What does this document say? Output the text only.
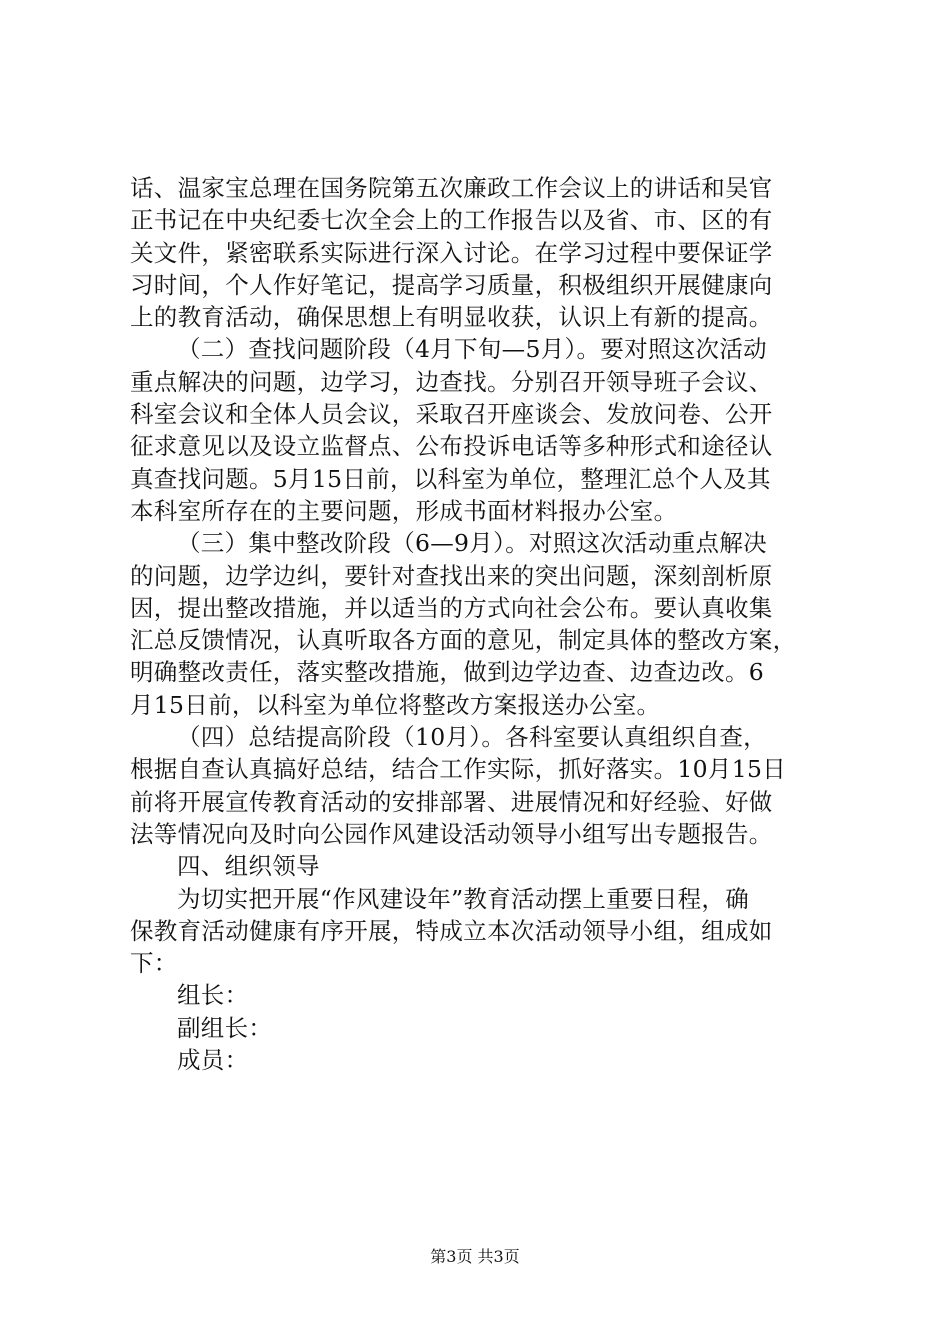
话、温家宝总理在国务院第五次廉政工作会议上的讲话和吴官
正书记在中央纪委七次全会上的工作报告以及省、市、区的有
关文件，紧密联系实际进行深入讨论。在学习过程中要保证学
习时间，个人作好笔记，提高学习质量，积极组织开展健康向
上的教育活动，确保思想上有明显收获，认识上有新的提高。
（二）查找问题阶段（4月下旬—5月）。要对照这次活动
重点解决的问题，边学习，边查找。分别召开领导班子会议、
科室会议和全体人员会议，采取召开座谈会、发放问卷、公开
征求意见以及设立监督点、公布投诉电话等多种形式和途径认
真查找问题。5月15日前，以科室为单位，整理汇总个人及其
本科室所存在的主要问题，形成书面材料报办公室。
（三）集中整改阶段（6—9月）。对照这次活动重点解决
的问题，边学边纠，要针对查找出来的突出问题，深刻剖析原
因，提出整改措施，并以适当的方式向社会公布。要认真收集
汇总反馈情况，认真听取各方面的意见，制定具体的整改方案，
明确整改责任，落实整改措施，做到边学边查、边查边改。6
月15日前，以科室为单位将整改方案报送办公室。
（四）总结提高阶段（10月）。各科室要认真组织自查，
根据自查认真搞好总结，结合工作实际，抓好落实。10月15日
前将开展宣传教育活动的安排部署、进展情况和好经验、好做
法等情况向及时向公园作风建设活动领导小组写出专题报告。
四、组织领导
为切实把开展“作风建设年”教育活动摆上重要日程，确
保教育活动健康有序开展，特成立本次活动领导小组，组成如
下：
组长：
副组长：
成员：
第3页 共3页
